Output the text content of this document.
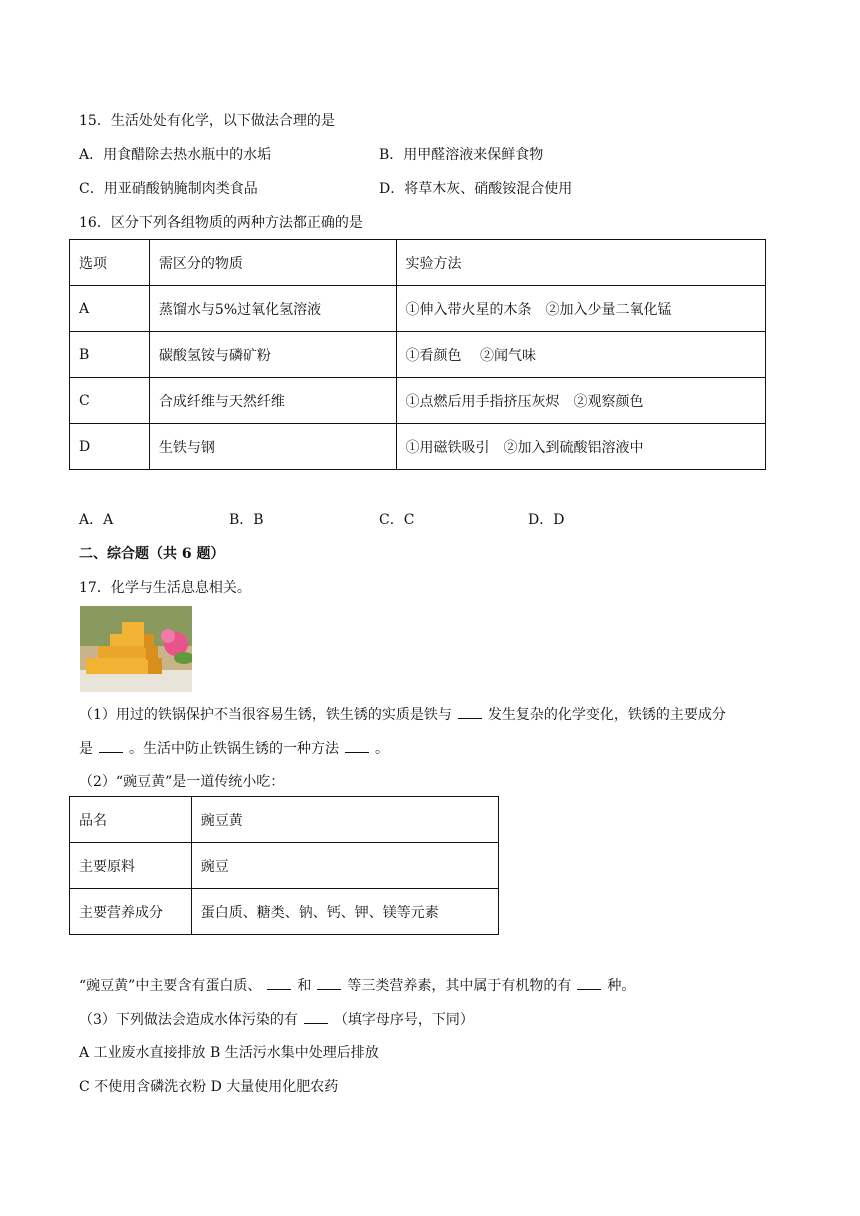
15．生活处处有化学，以下做法合理的是
A．用食醋除去热水瓶中的水垢	B．用甲醛溶液来保鲜食物
C．用亚硝酸钠腌制肉类食品	D．将草木灰、硝酸铵混合使用
16．区分下列各组物质的两种方法都正确的是
选项	需区分的物质	实验方法
A	蒸馏水与5%过氧化氢溶液	①伸入带火星的木条　②加入少量二氧化锰
B	碳酸氢铵与磷矿粉	①看颜色　 ②闻气味
C	合成纤维与天然纤维	①点燃后用手指挤压灰烬　②观察颜色
D	生铁与钢	①用磁铁吸引　②加入到硫酸铝溶液中
A．A	B．B	C．C	D．D
二、综合题（共 6 题）
17．化学与生活息息相关。
（1）用过的铁锅保护不当很容易生锈，铁生锈的实质是铁与	发生复杂的化学变化，铁锈的主要成分
是	。生活中防止铁锅生锈的一种方法	。
（2）“豌豆黄”是一道传统小吃：
品名	豌豆黄
主要原料	豌豆
主要营养成分	蛋白质、糖类、钠、钙、钾、镁等元素
“豌豆黄”中主要含有蛋白质、	和	等三类营养素，其中属于有机物的有	种。
（3）下列做法会造成水体污染的有	（填字母序号，下同）
A 工业废水直接排放 B 生活污水集中处理后排放
C 不使用含磷洗衣粉 D 大量使用化肥农药
